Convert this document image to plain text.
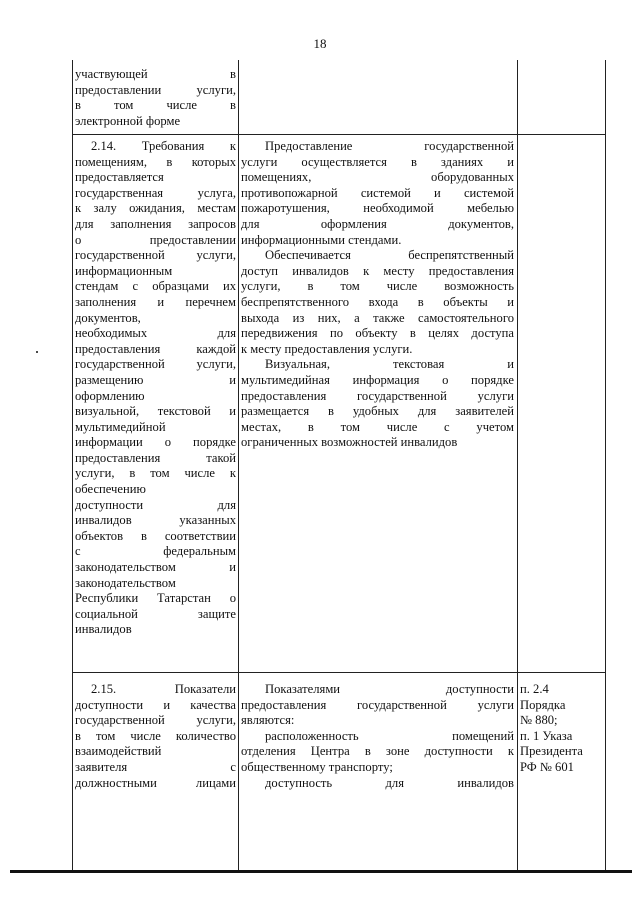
18

участвующей в

предоставлении услуги,

в том числе в

электронной форме

2.14. Требования к

помещениям, в которых

предоставляется

государственная услуга,

к залу ожидания, местам

для заполнения запросов

о предоставлении

государственной услуги,

информационным

стендам с образцами их

заполнения и перечнем

документов,

необходимых для

предоставления каждой

государственной услуги,

размещению и

оформлению

визуальной, текстовой и

мультимедийной

информации о порядке

предоставления такой

услуги, в том числе к

обеспечению

доступности для

инвалидов указанных

объектов в соответствии

с федеральным

законодательством и

законодательством

Республики Татарстан о

социальной защите

инвалидов

Предоставление государственной

услуги осуществляется в зданиях и

помещениях, оборудованных

противопожарной системой и системой

пожаротушения, необходимой мебелью

для оформления документов,

информационными стендами.

Обеспечивается беспрепятственный

доступ инвалидов к месту предоставления

услуги, в том числе возможность

беспрепятственного входа в объекты и

выхода из них, а также самостоятельного

передвижения по объекту в целях доступа

к месту предоставления услуги.

Визуальная, текстовая и

мультимедийная информация о порядке

предоставления государственной услуги

размещается в удобных для заявителей

местах, в том числе с учетом

ограниченных возможностей инвалидов

2.15. Показатели

доступности и качества

государственной услуги,

в том числе количество

взаимодействий

заявителя с

должностными лицами

Показателями доступности

предоставления государственной услуги

являются:

расположенность помещений

отделения Центра в зоне доступности к

общественному транспорту;

доступность для инвалидов

п. 2.4

Порядка

№ 880;

п. 1 Указа

Президента

РФ № 601
